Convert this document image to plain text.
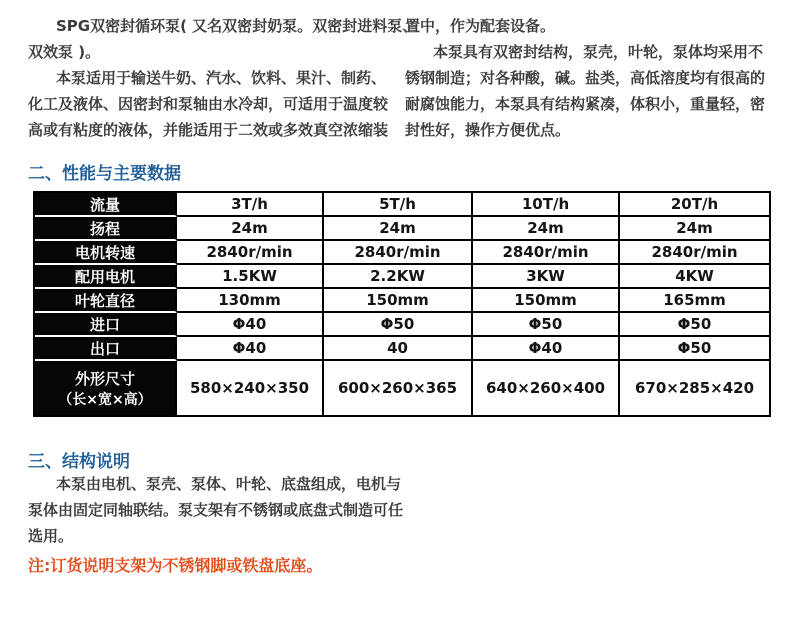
SPG双密封循环泵( 又名双密封奶泵。双密封进料泵、
双效泵 )。
本泵适用于输送牛奶、汽水、饮料、果汁、制药、
化工及液体、因密封和泵轴由水冷却，可适用于温度较
高或有粘度的液体，并能适用于二效或多效真空浓缩装
置中，作为配套设备。
本泵具有双密封结构，泵壳，叶轮，泵体均采用不
锈钢制造；对各种酸，碱。盐类，高低溶度均有很高的
耐腐蚀能力，本泵具有结构紧凑，体积小，重量轻，密
封性好，操作方便优点。
二、性能与主要数据
流量	3T/h	5T/h	10T/h	20T/h
扬程	24m	24m	24m	24m
电机转速	2840r/min	2840r/min	2840r/min	2840r/min
配用电机	1.5KW	2.2KW	3KW	4KW
叶轮直径	130mm	150mm	150mm	165mm
进口	Φ40	Φ50	Φ50	Φ50
出口	Φ40	40	Φ40	Φ50

外形尺寸
（长×宽×高）	580×240×350	600×260×365	640×260×400	670×285×420
三、结构说明
本泵由电机、泵壳、泵体、叶轮、底盘组成，电机与
泵体由固定同轴联结。泵支架有不锈钢或底盘式制造可任
选用。
注:订货说明支架为不锈钢脚或铁盘底座。
